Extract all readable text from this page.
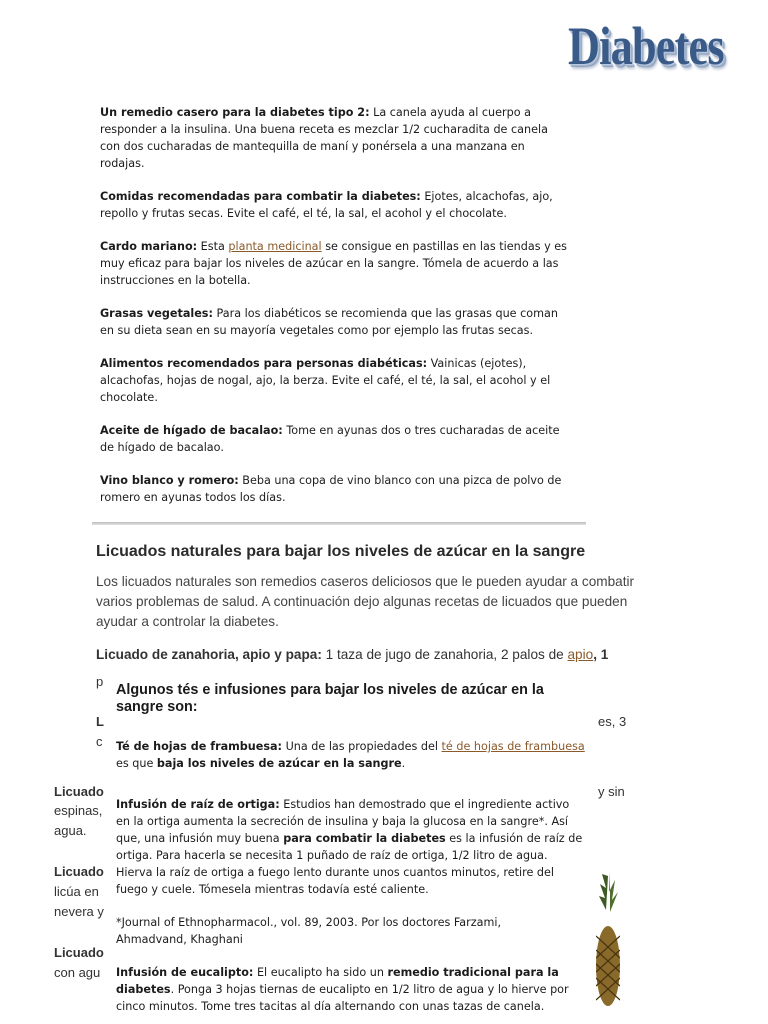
Diabetes

Un remedio casero para la diabetes tipo 2: La canela ayuda al cuerpo a responder a la insulina. Una buena receta es mezclar 1/2 cucharadita de canela con dos cucharadas de mantequilla de maní y ponérsela a una manzana en rodajas.

Comidas recomendadas para combatir la diabetes: Ejotes, alcachofas, ajo, repollo y frutas secas. Evite el café, el té, la sal, el acohol y el chocolate.

Cardo mariano: Esta planta medicinal se consigue en pastillas en las tiendas y es muy eficaz para bajar los niveles de azúcar en la sangre. Tómela de acuerdo a las instrucciones en la botella.

Grasas vegetales: Para los diabéticos se recomienda que las grasas que coman en su dieta sean en su mayoría vegetales como por ejemplo las frutas secas.

Alimentos recomendados para personas diabéticas: Vainicas (ejotes), alcachofas, hojas de nogal, ajo, la berza. Evite el café, el té, la sal, el acohol y el chocolate.

Aceite de hígado de bacalao: Tome en ayunas dos o tres cucharadas de aceite de hígado de bacalao.

Vino blanco y romero: Beba una copa de vino blanco con una pizca de polvo de romero en ayunas todos los días.

Licuados naturales para bajar los niveles de azúcar en la sangre

Los licuados naturales son remedios caseros deliciosos que le pueden ayudar a combatir varios problemas de salud. A continuación dejo algunas recetas de licuados que pueden ayudar a controlar la diabetes.

Licuado de zanahoria, apio y papa: 1 taza de jugo de zanahoria, 2 palos de apio, 1

p
L
c
es, 3
Licuado	y sin
espinas,
agua.
Licuado
licúa en
nevera y
Licuado
con agu
Algunos tés e infusiones para bajar los niveles de azúcar en la sangre son:

Té de hojas de frambuesa: Una de las propiedades del té de hojas de frambuesa es que baja los niveles de azúcar en la sangre.

Infusión de raíz de ortiga: Estudios han demostrado que el ingrediente activo en la ortiga aumenta la secreción de insulina y baja la glucosa en la sangre*. Así que, una infusión muy buena para combatir la diabetes es la infusión de raíz de ortiga. Para hacerla se necesita 1 puñado de raíz de ortiga, 1/2 litro de agua. Hierva la raíz de ortiga a fuego lento durante unos cuantos minutos, retire del fuego y cuele. Tómesela mientras todavía esté caliente.

*Journal of Ethnopharmacol., vol. 89, 2003. Por los doctores Farzami, Ahmadvand, Khaghani

Infusión de eucalipto: El eucalipto ha sido un remedio tradicional para la diabetes. Ponga 3 hojas tiernas de eucalipto en 1/2 litro de agua y lo hierve por cinco minutos. Tome tres tacitas al día alternando con unas tazas de canela.
